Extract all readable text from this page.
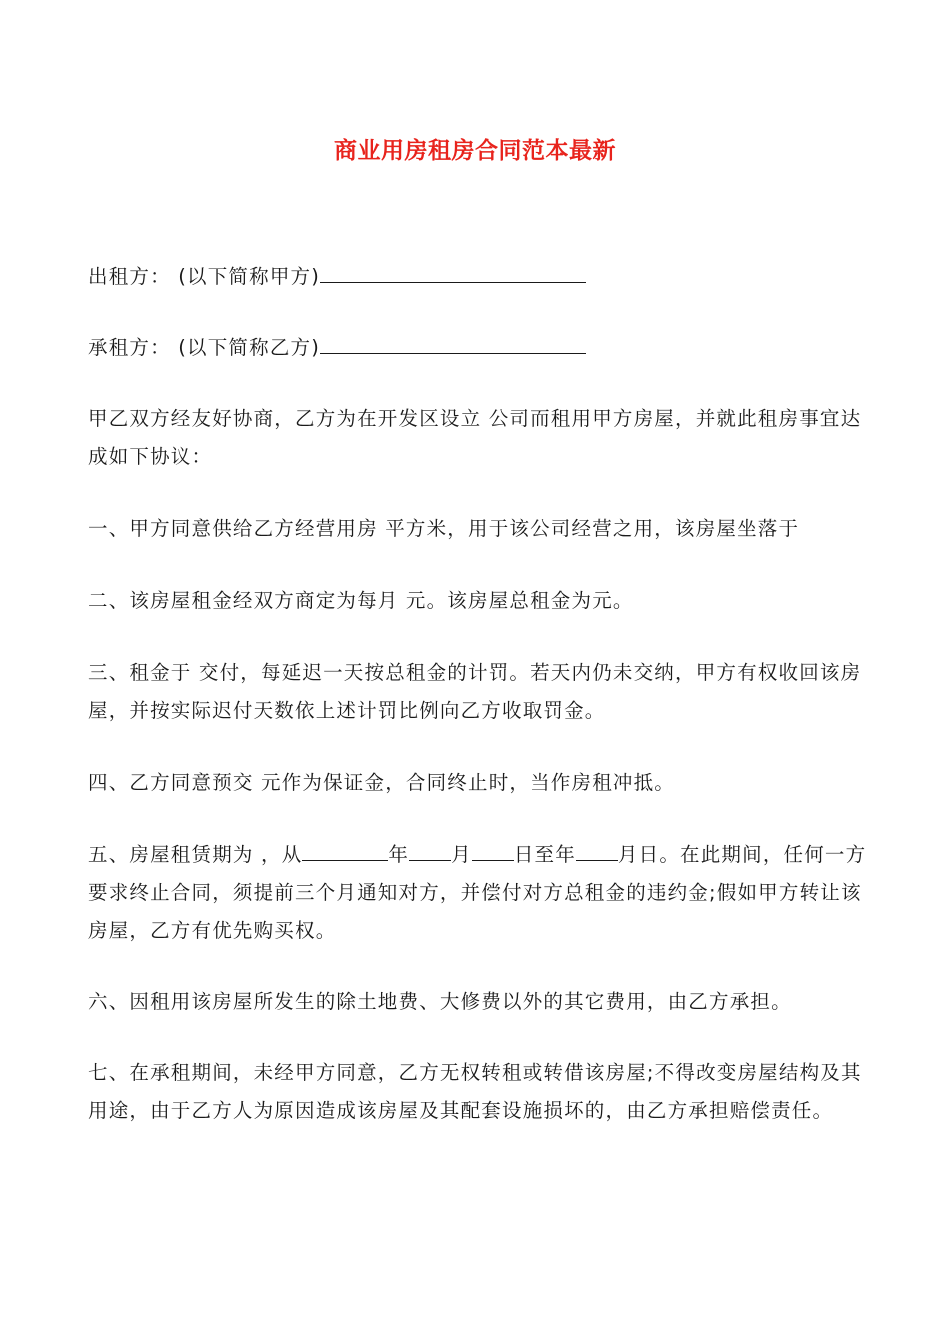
商业用房租房合同范本最新

出租方： (以下简称甲方)

承租方： (以下简称乙方)

甲乙双方经友好协商，乙方为在开发区设立 公司而租用甲方房屋，并就此租房事宜达成如下协议：

一、甲方同意供给乙方经营用房 平方米，用于该公司经营之用，该房屋坐落于

二、该房屋租金经双方商定为每月 元。该房屋总租金为元。

三、租金于 交付，每延迟一天按总租金的计罚。若天内仍未交纳，甲方有权收回该房屋，并按实际迟付天数依上述计罚比例向乙方收取罚金。

四、乙方同意预交 元作为保证金，合同终止时，当作房租冲抵。

五、房屋租赁期为 ，从	年 月 日至年 月日。在此期间，任何一方要求终止合同，须提前三个月通知对方，并偿付对方总租金的违约金;假如甲方转让该房屋，乙方有优先购买权。

六、因租用该房屋所发生的除土地费、大修费以外的其它费用，由乙方承担。

七、在承租期间，未经甲方同意，乙方无权转租或转借该房屋;不得改变房屋结构及其用途，由于乙方人为原因造成该房屋及其配套设施损坏的，由乙方承担赔偿责任。
